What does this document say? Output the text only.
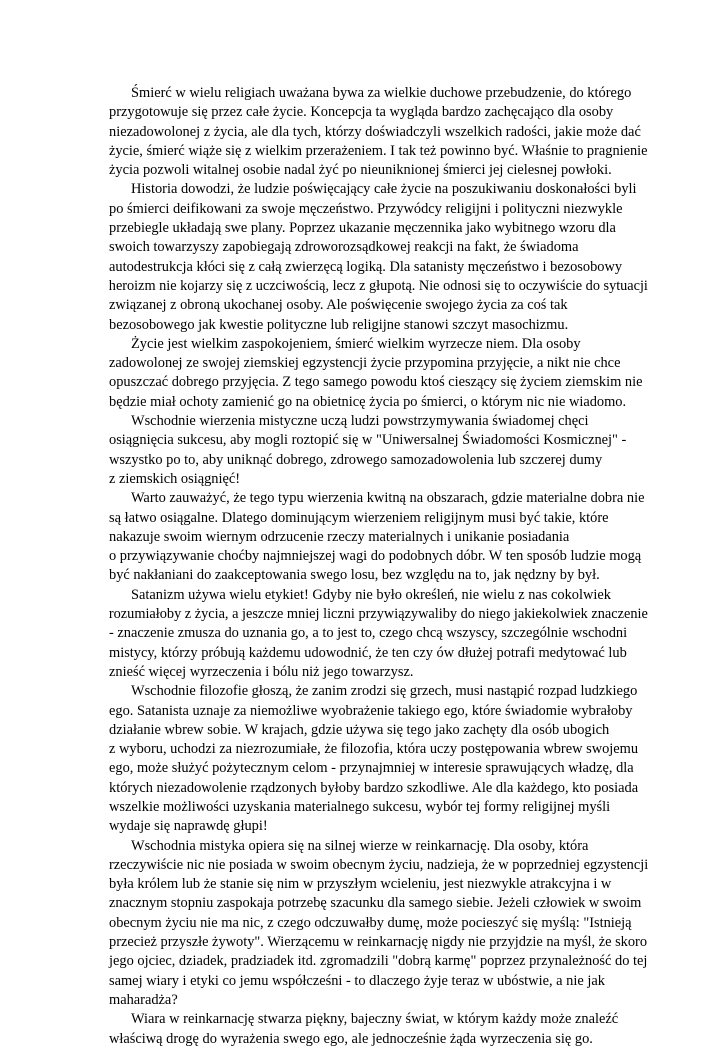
Śmierć w wielu religiach uważana bywa za wielkie duchowe przebudzenie, do którego
przygotowuje się przez całe życie. Koncepcja ta wygląda bardzo zachęcająco dla osoby
niezadowolonej z życia, ale dla tych, którzy doświadczyli wszelkich radości, jakie może dać
życie, śmierć wiąże się z wielkim przerażeniem. I tak też powinno być. Właśnie to pragnienie
życia pozwoli witalnej osobie nadal żyć po nieuniknionej śmierci jej cielesnej powłoki.
Historia dowodzi, że ludzie poświęcający całe życie na poszukiwaniu doskonałości byli
po śmierci deifikowani za swoje męczeństwo. Przywódcy religijni i polityczni niezwykle
przebiegle układają swe plany. Poprzez ukazanie męczennika jako wybitnego wzoru dla
swoich towarzyszy zapobiegają zdroworozsądkowej reakcji na fakt, że świadoma
autodestrukcja kłóci się z całą zwierzęcą logiką. Dla satanisty męczeństwo i bezosobowy
heroizm nie kojarzy się z uczciwością, lecz z głupotą. Nie odnosi się to oczywiście do sytuacji
związanej z obroną ukochanej osoby. Ale poświęcenie swojego życia za coś tak
bezosobowego jak kwestie polityczne lub religijne stanowi szczyt masochizmu.
Życie jest wielkim zaspokojeniem, śmierć wielkim wyrzecze niem. Dla osoby
zadowolonej ze swojej ziemskiej egzystencji życie przypomina przyjęcie, a nikt nie chce
opuszczać dobrego przyjęcia. Z tego samego powodu ktoś cieszący się życiem ziemskim nie
będzie miał ochoty zamienić go na obietnicę życia po śmierci, o którym nic nie wiadomo.
Wschodnie wierzenia mistyczne uczą ludzi powstrzymywania świadomej chęci
osiągnięcia sukcesu, aby mogli roztopić się w "Uniwersalnej Świadomości Kosmicznej" -
wszystko po to, aby uniknąć dobrego, zdrowego samozadowolenia lub szczerej dumy
z ziemskich osiągnięć!
Warto zauważyć, że tego typu wierzenia kwitną na obszarach, gdzie materialne dobra nie
są łatwo osiągalne. Dlatego dominującym wierzeniem religijnym musi być takie, które
nakazuje swoim wiernym odrzucenie rzeczy materialnych i unikanie posiadania
o przywiązywanie choćby najmniejszej wagi do podobnych dóbr. W ten sposób ludzie mogą
być nakłaniani do zaakceptowania swego losu, bez względu na to, jak nędzny by był.
Satanizm używa wielu etykiet! Gdyby nie było określeń, nie wielu z nas cokolwiek
rozumiałoby z życia, a jeszcze mniej liczni przywiązywaliby do niego jakiekolwiek znaczenie
- znaczenie zmusza do uznania go, a to jest to, czego chcą wszyscy, szczególnie wschodni
mistycy, którzy próbują każdemu udowodnić, że ten czy ów dłużej potrafi medytować lub
znieść więcej wyrzeczenia i bólu niż jego towarzysz.
Wschodnie filozofie głoszą, że zanim zrodzi się grzech, musi nastąpić rozpad ludzkiego
ego. Satanista uznaje za niemożliwe wyobrażenie takiego ego, które świadomie wybrałoby
działanie wbrew sobie. W krajach, gdzie używa się tego jako zachęty dla osób ubogich
z wyboru, uchodzi za niezrozumiałe, że filozofia, która uczy postępowania wbrew swojemu
ego, może służyć pożytecznym celom - przynajmniej w interesie sprawujących władzę, dla
których niezadowolenie rządzonych byłoby bardzo szkodliwe. Ale dla każdego, kto posiada
wszelkie możliwości uzyskania materialnego sukcesu, wybór tej formy religijnej myśli
wydaje się naprawdę głupi!
Wschodnia mistyka opiera się na silnej wierze w reinkarnację. Dla osoby, która
rzeczywiście nic nie posiada w swoim obecnym życiu, nadzieja, że w poprzedniej egzystencji
była królem lub że stanie się nim w przyszłym wcieleniu, jest niezwykle atrakcyjna i w
znacznym stopniu zaspokaja potrzebę szacunku dla samego siebie. Jeżeli człowiek w swoim
obecnym życiu nie ma nic, z czego odczuwałby dumę, może pocieszyć się myślą: "Istnieją
przecież przyszłe żywoty". Wierzącemu w reinkarnację nigdy nie przyjdzie na myśl, że skoro
jego ojciec, dziadek, pradziadek itd. zgromadzili "dobrą karmę" poprzez przynależność do tej
samej wiary i etyki co jemu współcześni - to dlaczego żyje teraz w ubóstwie, a nie jak
maharadża?
Wiara w reinkarnację stwarza piękny, bajeczny świat, w którym każdy może znaleźć
właściwą drogę do wyrażenia swego ego, ale jednocześnie żąda wyrzeczenia się go.
